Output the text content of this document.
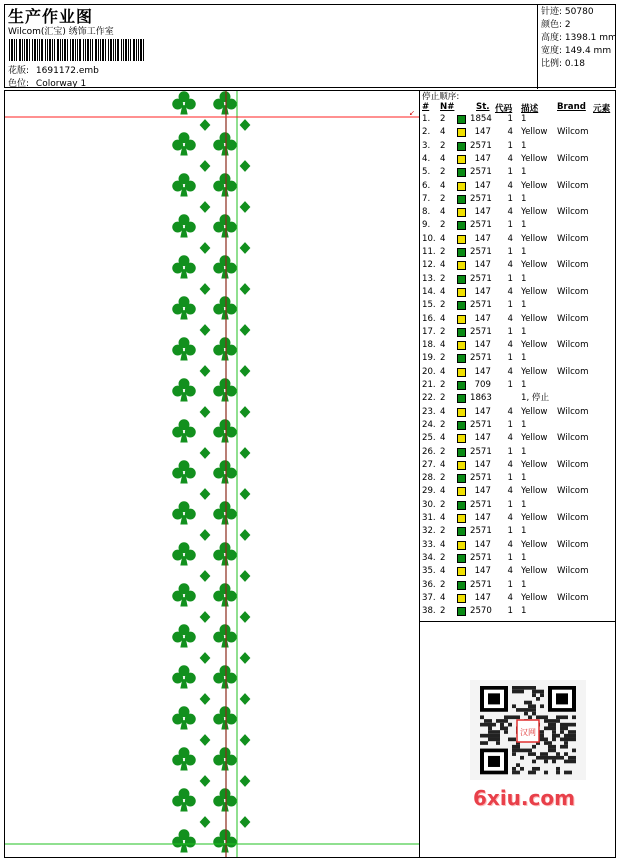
生产作业图
Wilcom(汇宝) 绣饰工作室
花版: 1691172.emb
色位: Colorway 1
针迹: 50780
颜色: 2
高度: 1398.1 mm
宽度: 149.4 mm
比例: 0.18
↙
停止顺序:
# N#	St. 代码 描述 Brand 元素
1. 2	1854 1 1
2. 4	147 4 Yellow Wilcom
3. 2	2571 1 1
4. 4	147 4 Yellow Wilcom
5. 2	2571 1 1
6. 4	147 4 Yellow Wilcom
7. 2	2571 1 1
8. 4	147 4 Yellow Wilcom
9. 2	2571 1 1
10. 4	147 4 Yellow Wilcom
11. 2	2571 1 1
12. 4	147 4 Yellow Wilcom
13. 2	2571 1 1
14. 4	147 4 Yellow Wilcom
15. 2	2571 1 1
16. 4	147 4 Yellow Wilcom
17. 2	2571 1 1
18. 4	147 4 Yellow Wilcom
19. 2	2571 1 1
20. 4	147 4 Yellow Wilcom
21. 2	709 1 1
22. 2	1863	1, 停止
23. 4	147 4 Yellow Wilcom
24. 2	2571 1 1
25. 4	147 4 Yellow Wilcom
26. 2	2571 1 1
27. 4	147 4 Yellow Wilcom
28. 2	2571 1 1
29. 4	147 4 Yellow Wilcom
30. 2	2571 1 1
31. 4	147 4 Yellow Wilcom
32. 2	2571 1 1
33. 4	147 4 Yellow Wilcom
34. 2	2571 1 1
35. 4	147 4 Yellow Wilcom
36. 2	2571 1 1
37. 4	147 4 Yellow Wilcom
38. 2	2570 1 1
汉网
6xiu.com
